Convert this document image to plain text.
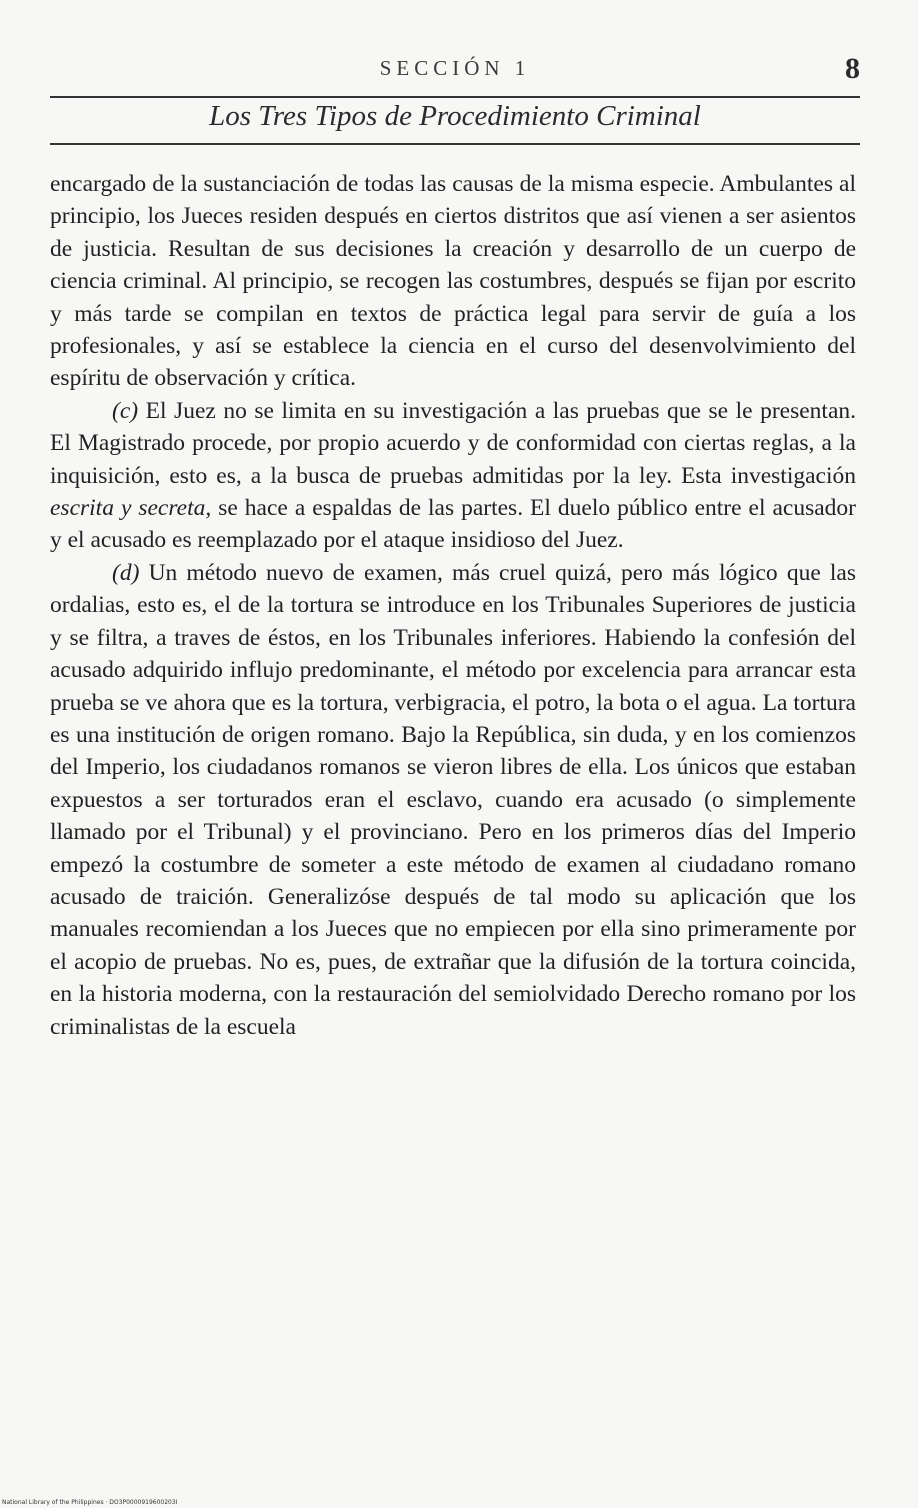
SECCIÓN 1	8
Los Tres Tipos de Procedimiento Criminal

encargado de la sustanciación de todas las causas de la misma especie. Ambulantes al principio, los Jueces residen después en ciertos distritos que así vienen a ser asientos de justicia. Resultan de sus decisiones la creación y desarrollo de un cuerpo de ciencia criminal. Al principio, se recogen las costumbres, después se fijan por escrito y más tarde se compilan en textos de práctica legal para servir de guía a los profesionales, y así se establece la ciencia en el curso del desenvolvimiento del espíritu de observación y crítica.

(c) El Juez no se limita en su investigación a las pruebas que se le presentan. El Magistrado procede, por propio acuerdo y de conformidad con ciertas reglas, a la inquisición, esto es, a la busca de pruebas admitidas por la ley. Esta investigación escrita y secreta, se hace a espaldas de las partes. El duelo público entre el acusador y el acusado es reemplazado por el ataque insidioso del Juez.

(d) Un método nuevo de examen, más cruel quizá, pero más lógico que las ordalias, esto es, el de la tortura se introduce en los Tribunales Superiores de justicia y se filtra, a traves de éstos, en los Tribunales inferiores. Habiendo la confesión del acusado adquirido influjo predominante, el método por excelencia para arrancar esta prueba se ve ahora que es la tortura, verbigracia, el potro, la bota o el agua. La tortura es una institución de origen romano. Bajo la República, sin duda, y en los comienzos del Imperio, los ciudadanos romanos se vieron libres de ella. Los únicos que estaban expuestos a ser torturados eran el esclavo, cuando era acusado (o simplemente llamado por el Tribunal) y el provinciano. Pero en los primeros días del Imperio empezó la costumbre de someter a este método de examen al ciudadano romano acusado de traición. Generalizóse después de tal modo su aplicación que los manuales recomiendan a los Jueces que no empiecen por ella sino primeramente por el acopio de pruebas. No es, pues, de extrañar que la difusión de la tortura coincida, en la historia moderna, con la restauración del semiolvidado Derecho romano por los criminalistas de la escuela

National Library of the Philippines · DO3P0000919600203I
